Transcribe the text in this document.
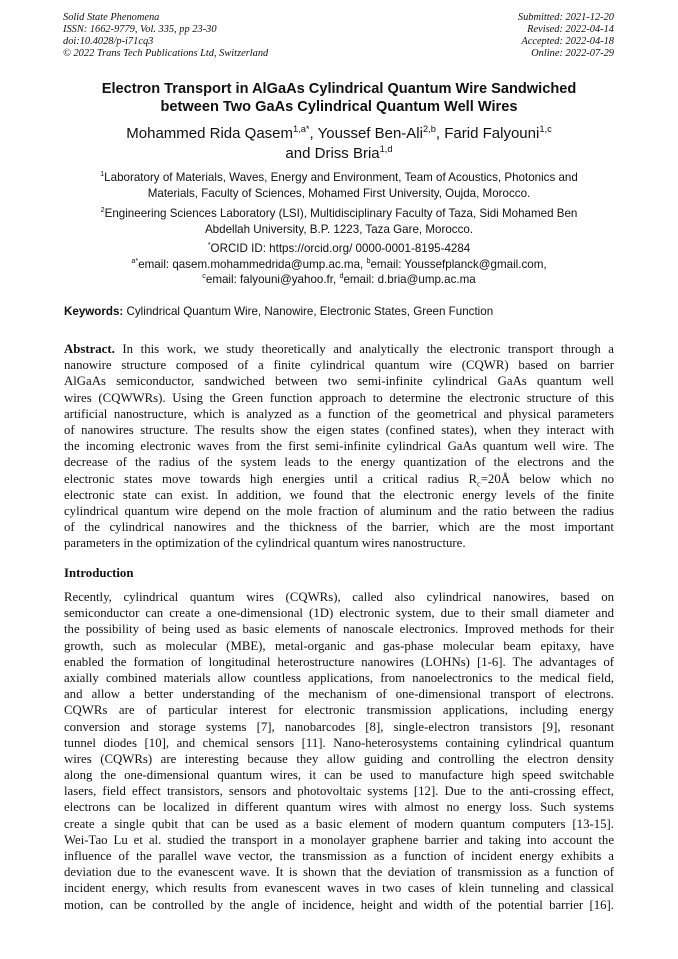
Solid State Phenomena
ISSN: 1662-9779, Vol. 335, pp 23-30
doi:10.4028/p-i71cq3
© 2022 Trans Tech Publications Ltd, Switzerland
Submitted: 2021-12-20
Revised: 2022-04-14
Accepted: 2022-04-18
Online: 2022-07-29
Electron Transport in AlGaAs Cylindrical Quantum Wire Sandwiched
between Two GaAs Cylindrical Quantum Well Wires
Mohammed Rida Qasem$^{1,a*}$, Youssef Ben-Ali$^{2,b}$, Farid Falyouni$^{1,c}$
and Driss Bria$^{1,d}$
$^1$Laboratory of Materials, Waves, Energy and Environment, Team of Acoustics, Photonics and
Materials, Faculty of Sciences, Mohamed First University, Oujda, Morocco.
$^2$Engineering Sciences Laboratory (LSI), Multidisciplinary Faculty of Taza, Sidi Mohamed Ben
Abdellah University, B.P. 1223, Taza Gare, Morocco.
*ORCID ID: https://orcid.org/ 0000-0001-8195-4284
$^{a*}$email: qasem.mohammedrida@ump.ac.ma, $^b$email: Youssefplanck@gmail.com,
$^c$email: falyouni@yahoo.fr, $^d$email: d.bria@ump.ac.ma
Keywords: Cylindrical Quantum Wire, Nanowire, Electronic States, Green Function
Abstract. In this work, we study theoretically and analytically the electronic transport through a
nanowire structure composed of a finite cylindrical quantum wire (CQWR) based on barrier
AlGaAs semiconductor, sandwiched between two semi-infinite cylindrical GaAs quantum well
wires (CQWWRs). Using the Green function approach to determine the electronic structure of this
artificial nanostructure, which is analyzed as a function of the geometrical and physical parameters
of nanowires structure. The results show the eigen states (confined states), when they interact with
the incoming electronic waves from the first semi-infinite cylindrical GaAs quantum well wire. The
decrease of the radius of the system leads to the energy quantization of the electrons and the
electronic states move towards high energies until a critical radius $R_c=20Å$ below which no
electronic state can exist. In addition, we found that the electronic energy levels of the finite
cylindrical quantum wire depend on the mole fraction of aluminum and the ratio between the radius
of the cylindrical nanowires and the thickness of the barrier, which are the most important
parameters in the optimization of the cylindrical quantum wires nanostructure.
Introduction
Recently, cylindrical quantum wires (CQWRs), called also cylindrical nanowires, based on
semiconductor can create a one-dimensional (1D) electronic system, due to their small diameter and
the possibility of being used as basic elements of nanoscale electronics. Improved methods for their
growth, such as molecular (MBE), metal-organic and gas-phase molecular beam epitaxy, have
enabled the formation of longitudinal heterostructure nanowires (LOHNs) [1-6]. The advantages of
axially combined materials allow countless applications, from nanoelectronics to the medical field,
and allow a better understanding of the mechanism of one-dimensional transport of electrons.
CQWRs are of particular interest for electronic transmission applications, including energy
conversion and storage systems [7], nanobarcodes [8], single-electron transistors [9], resonant
tunnel diodes [10], and chemical sensors [11]. Nano-heterosystems containing cylindrical quantum
wires (CQWRs) are interesting because they allow guiding and controlling the electron density
along the one-dimensional quantum wires, it can be used to manufacture high speed switchable
lasers, field effect transistors, sensors and photovoltaic systems [12]. Due to the anti-crossing effect,
electrons can be localized in different quantum wires with almost no energy loss. Such systems
create a single qubit that can be used as a basic element of modern quantum computers [13-15].
Wei-Tao Lu et al. studied the transport in a monolayer graphene barrier and taking into account the
influence of the parallel wave vector, the transmission as a function of incident energy exhibits a
deviation due to the evanescent wave. It is shown that the deviation of transmission as a function of
incident energy, which results from evanescent waves in two cases of klein tunneling and classical
motion, can be controlled by the angle of incidence, height and width of the potential barrier [16].
